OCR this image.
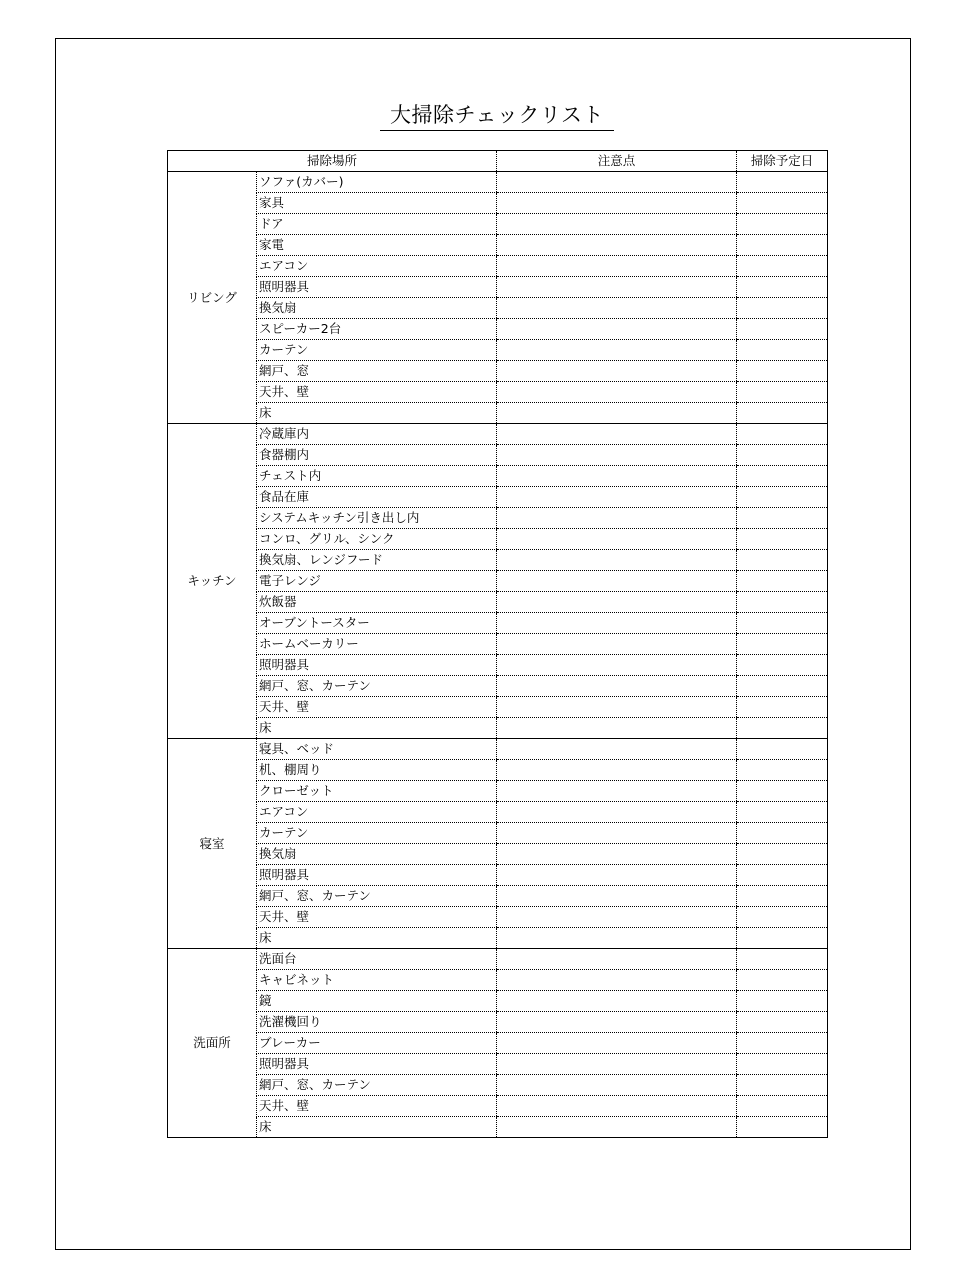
大掃除チェックリスト
掃除場所		注意点	掃除予定日
リビング	ソファ(カバー)		
	家具		
	ドア		
	家電		
	エアコン		
	照明器具		
	換気扇		
	スピーカー2台		
	カーテン		
	網戸、窓		
	天井、壁		
	床		
キッチン	冷蔵庫内		
	食器棚内		
	チェスト内		
	食品在庫		
	システムキッチン引き出し内		
	コンロ、グリル、シンク		
	換気扇、レンジフード		
	電子レンジ		
	炊飯器		
	オーブントースター		
	ホームベーカリー		
	照明器具		
	網戸、窓、カーテン		
	天井、壁		
	床		
寝室	寝具、ベッド		
	机、棚周り		
	クローゼット		
	エアコン		
	カーテン		
	換気扇		
	照明器具		
	網戸、窓、カーテン		
	天井、壁		
	床		
洗面所	洗面台		
	キャビネット		
	鏡		
	洗濯機回り		
	ブレーカー		
	照明器具		
	網戸、窓、カーテン		
	天井、壁		
	床		
